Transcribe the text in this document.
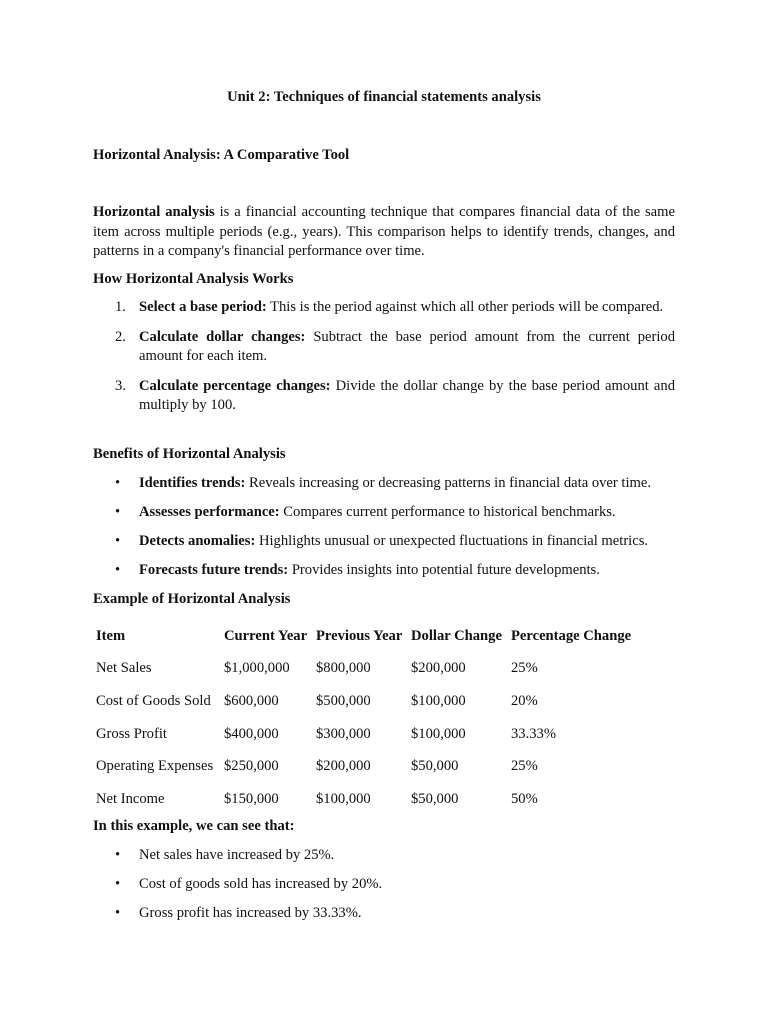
Unit 2: Techniques of financial statements analysis
Horizontal Analysis: A Comparative Tool
Horizontal analysis is a financial accounting technique that compares financial data of the same item across multiple periods (e.g., years). This comparison helps to identify trends, changes, and patterns in a company's financial performance over time.
How Horizontal Analysis Works
1. Select a base period: This is the period against which all other periods will be compared.
2. Calculate dollar changes: Subtract the base period amount from the current period amount for each item.
3. Calculate percentage changes: Divide the dollar change by the base period amount and multiply by 100.
Benefits of Horizontal Analysis
• Identifies trends: Reveals increasing or decreasing patterns in financial data over time.
• Assesses performance: Compares current performance to historical benchmarks.
• Detects anomalies: Highlights unusual or unexpected fluctuations in financial metrics.
• Forecasts future trends: Provides insights into potential future developments.
Example of Horizontal Analysis
Item	Current Year	Previous Year	Dollar Change	Percentage Change
Net Sales	$1,000,000	$800,000	$200,000	25%
Cost of Goods Sold	$600,000	$500,000	$100,000	20%
Gross Profit	$400,000	$300,000	$100,000	33.33%
Operating Expenses	$250,000	$200,000	$50,000	25%
Net Income	$150,000	$100,000	$50,000	50%
In this example, we can see that:
• Net sales have increased by 25%.
• Cost of goods sold has increased by 20%.
• Gross profit has increased by 33.33%.
